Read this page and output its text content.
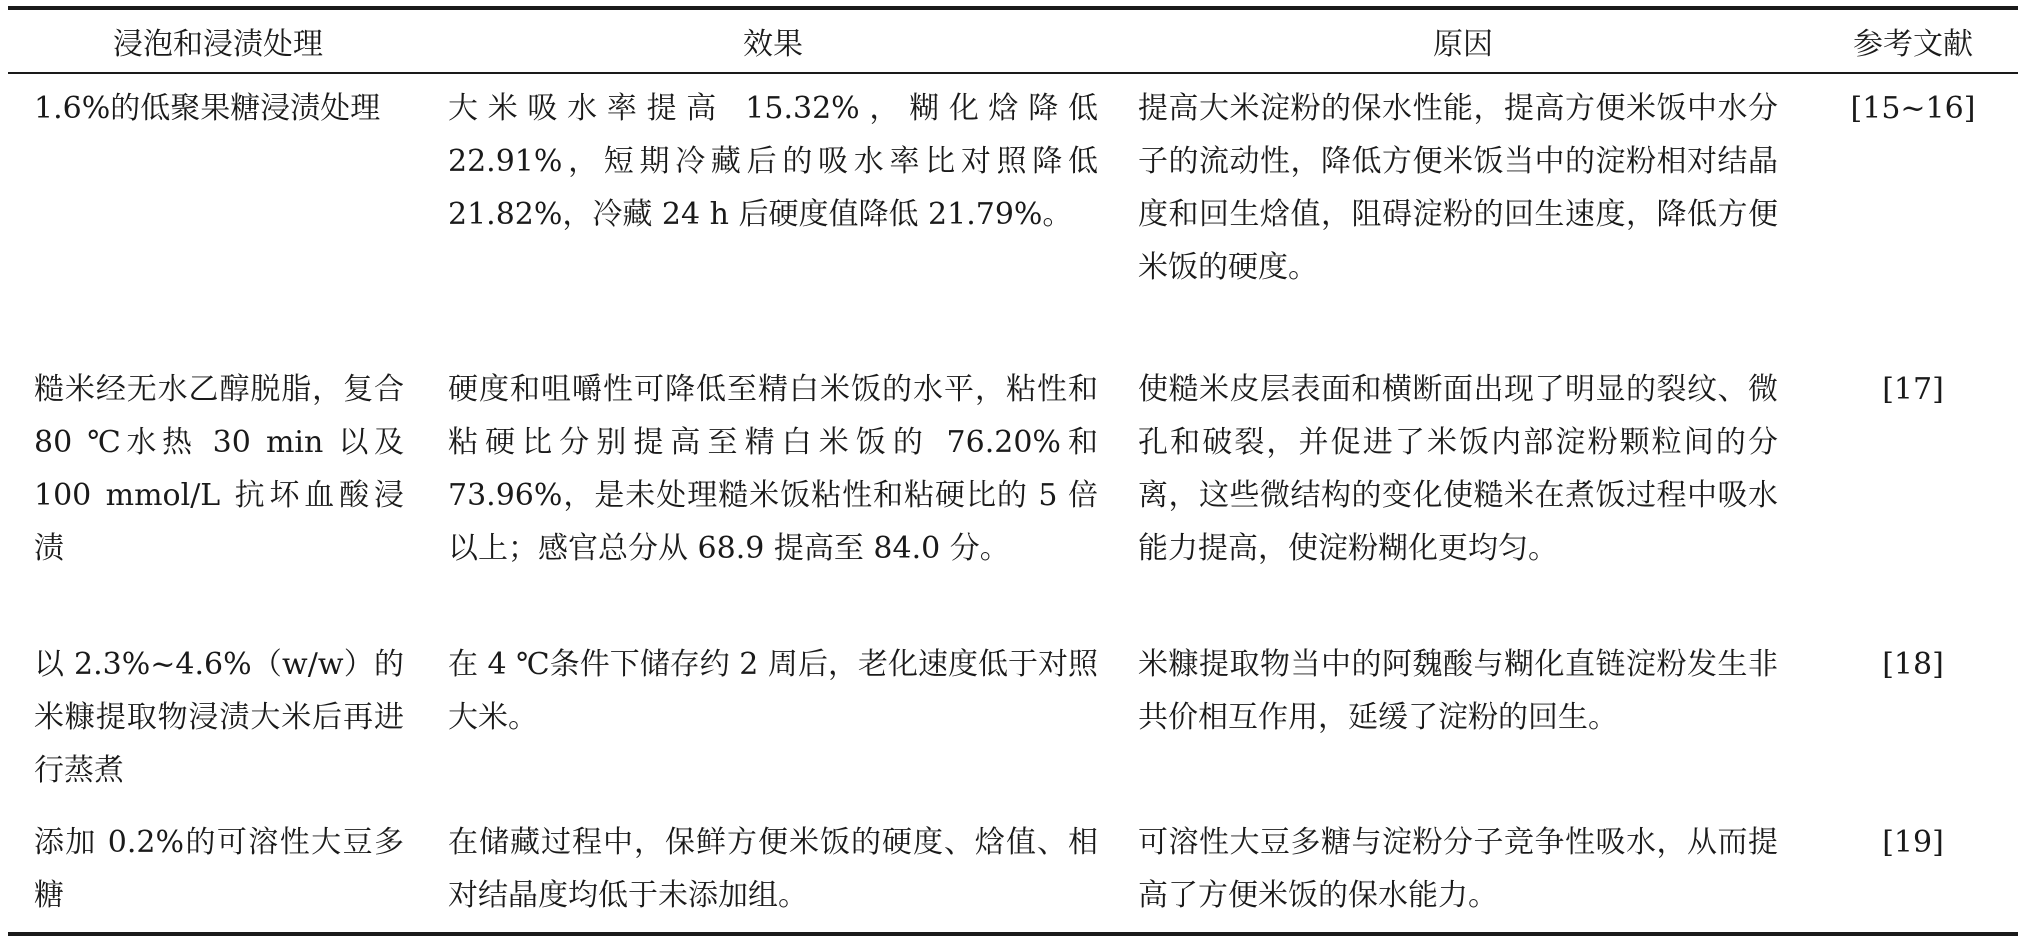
浸泡和浸渍处理	效果	原因	参考文献
1.6%的低聚果糖浸渍处理	大米吸水率提高 15.32%，糊化焓降低 22.91%，短期冷藏后的吸水率比对照降低 21.82%，冷藏 24 h 后硬度值降低 21.79%。	提高大米淀粉的保水性能，提高方便米饭中水分子的流动性，降低方便米饭当中的淀粉相对结晶度和回生焓值，阻碍淀粉的回生速度，降低方便米饭的硬度。	[15~16]
糙米经无水乙醇脱脂，复合 80 ℃水热 30 min 以及 100 mmol/L 抗坏血酸浸渍	硬度和咀嚼性可降低至精白米饭的水平，粘性和粘硬比分别提高至精白米饭的 76.20%和 73.96%，是未处理糙米饭粘性和粘硬比的 5 倍以上；感官总分从 68.9 提高至 84.0 分。	使糙米皮层表面和横断面出现了明显的裂纹、微孔和破裂，并促进了米饭内部淀粉颗粒间的分离，这些微结构的变化使糙米在煮饭过程中吸水能力提高，使淀粉糊化更均匀。	[17]
以 2.3%~4.6%（w/w）的米糠提取物浸渍大米后再进行蒸煮	在 4 ℃条件下储存约 2 周后，老化速度低于对照大米。	米糠提取物当中的阿魏酸与糊化直链淀粉发生非共价相互作用，延缓了淀粉的回生。	[18]
添加 0.2%的可溶性大豆多糖	在储藏过程中，保鲜方便米饭的硬度、焓值、相对结晶度均低于未添加组。	可溶性大豆多糖与淀粉分子竞争性吸水，从而提高了方便米饭的保水能力。	[19]
